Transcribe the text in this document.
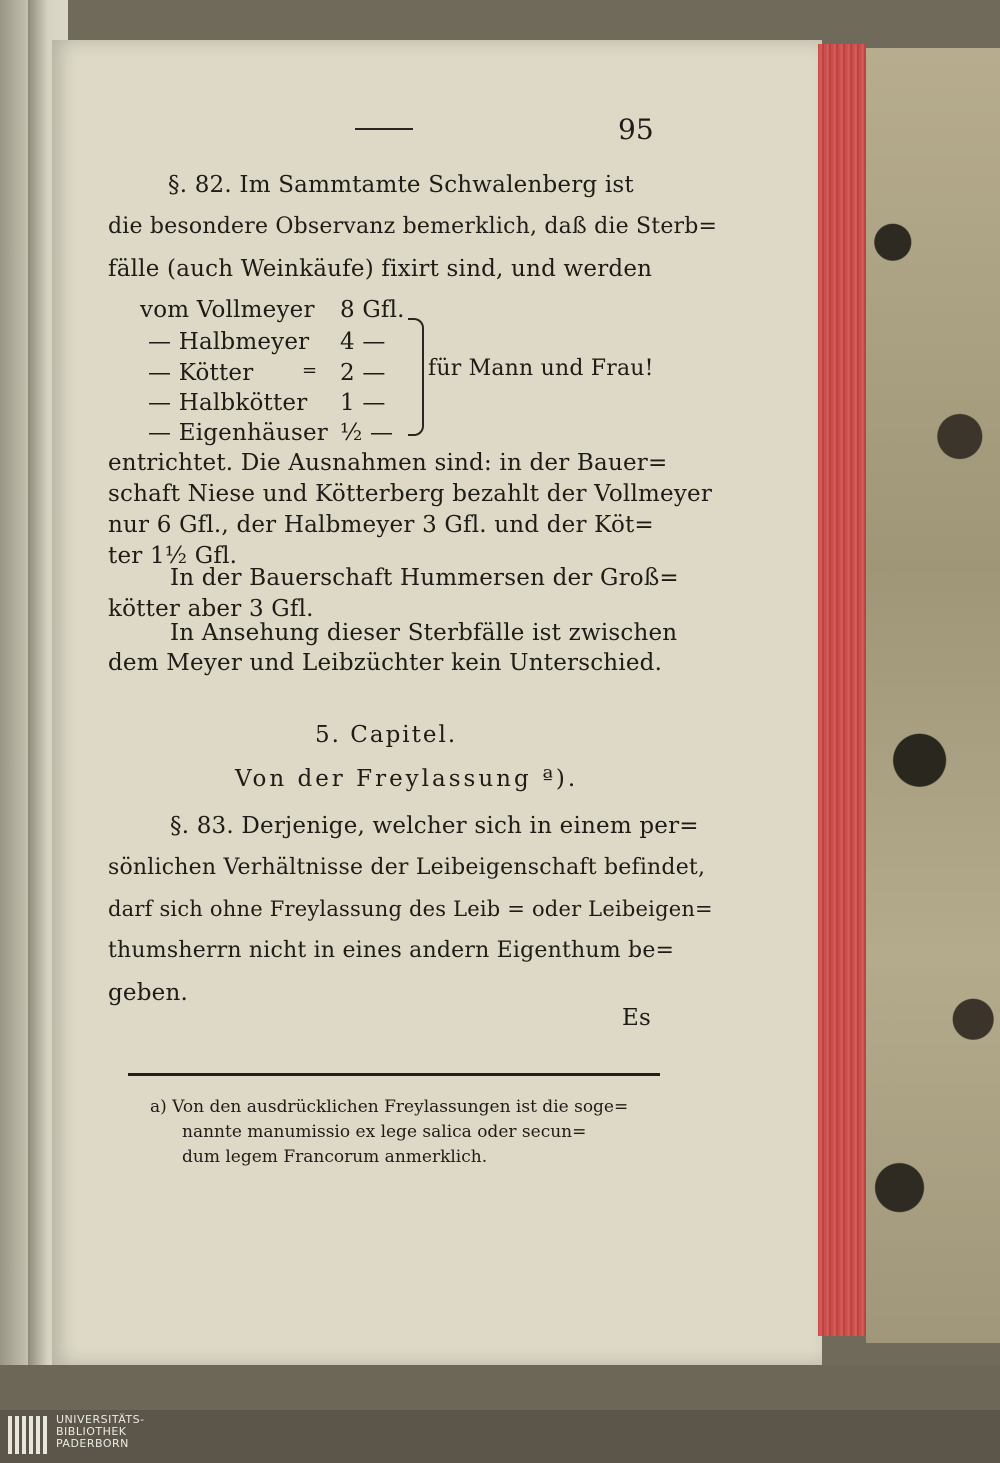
95
§. 82. Im Sammtamte Schwalenberg ist
die besondere Observanz bemerklich, daß die Sterb=
fälle (auch Weinkäufe) fixirt sind, und werden
vom Vollmeyer 8 Gfl.
— Halbmeyer 4 —
— Kötter	= 2 —
— Halbkötter 1 —
— Eigenhäuser ½ —
für Mann und Frau!
entrichtet. Die Ausnahmen sind: in der Bauer=
schaft Niese und Kötterberg bezahlt der Vollmeyer
nur 6 Gfl., der Halbmeyer 3 Gfl. und der Köt=
ter 1½ Gfl.
In der Bauerschaft Hummersen der Groß=
kötter aber 3 Gfl.
In Ansehung dieser Sterbfälle ist zwischen
dem Meyer und Leibzüchter kein Unterschied.
5. Capitel.
Von der Freylassung ª).
§. 83. Derjenige, welcher sich in einem per=
sönlichen Verhältnisse der Leibeigenschaft befindet,
darf sich ohne Freylassung des Leib = oder Leibeigen=
thumsherrn nicht in eines andern Eigenthum be=
geben.
Es
a) Von den ausdrücklichen Freylassungen ist die soge=
nannte manumissio ex lege salica oder secun=
dum legem Francorum anmerklich.
UNIVERSITÄTS-
BIBLIOTHEK
PADERBORN
